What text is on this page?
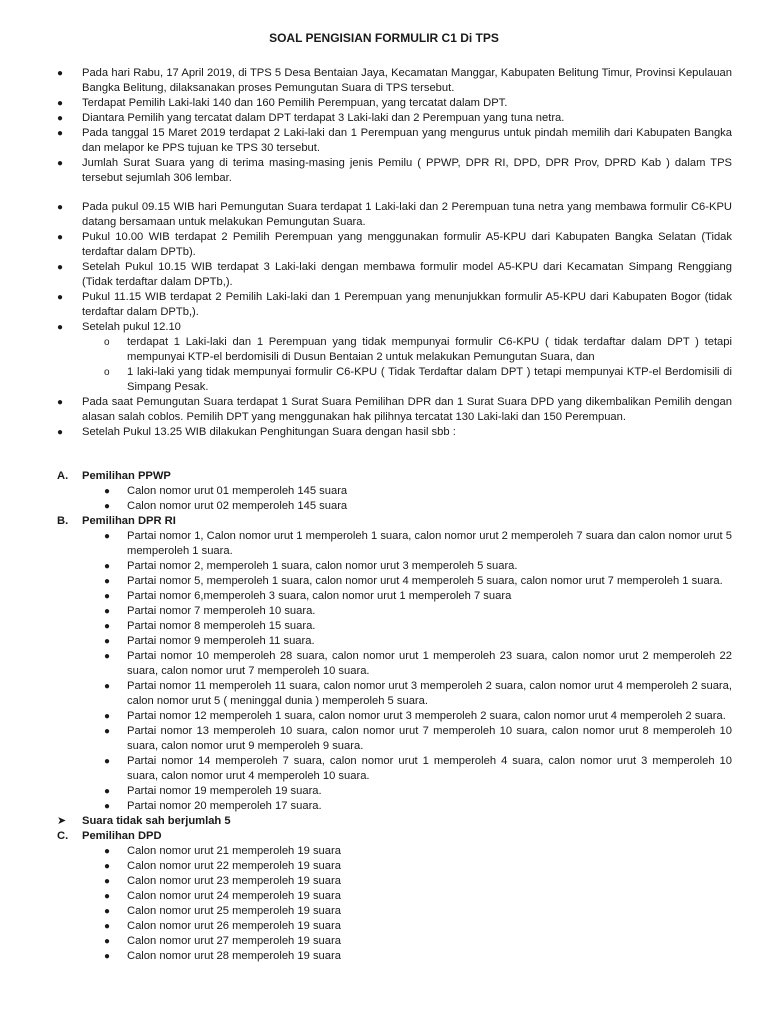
SOAL PENGISIAN FORMULIR C1 Di TPS
● Pada hari Rabu, 17 April 2019, di TPS 5 Desa Bentaian Jaya, Kecamatan Manggar, Kabupaten Belitung Timur, Provinsi Kepulauan Bangka Belitung, dilaksanakan proses Pemungutan Suara di TPS tersebut.
● Terdapat Pemilih Laki-laki 140 dan 160 Pemilih Perempuan, yang tercatat dalam DPT.
● Diantara Pemilih yang tercatat dalam DPT terdapat 3 Laki-laki dan 2 Perempuan yang tuna netra.
● Pada tanggal 15 Maret 2019 terdapat 2 Laki-laki dan 1 Perempuan yang mengurus untuk pindah memilih dari Kabupaten Bangka dan melapor ke PPS tujuan ke TPS 30 tersebut.
● Jumlah Surat Suara yang di terima masing-masing jenis Pemilu ( PPWP, DPR RI, DPD, DPR Prov, DPRD Kab ) dalam TPS tersebut sejumlah 306 lembar.
● Pada pukul 09.15 WIB hari Pemungutan Suara terdapat 1 Laki-laki dan 2 Perempuan tuna netra yang membawa formulir C6-KPU datang bersamaan untuk melakukan Pemungutan Suara.
● Pukul 10.00 WIB terdapat 2 Pemilih Perempuan yang menggunakan formulir A5-KPU dari Kabupaten Bangka Selatan (Tidak terdaftar dalam DPTb).
● Setelah Pukul 10.15 WIB terdapat 3 Laki-laki dengan membawa formulir model A5-KPU dari Kecamatan Simpang Renggiang (Tidak terdaftar dalam DPTb,).
● Pukul 11.15 WIB terdapat 2 Pemilih Laki-laki dan 1 Perempuan yang menunjukkan formulir A5-KPU dari Kabupaten Bogor (tidak terdaftar dalam DPTb,).
● Setelah pukul 12.10
o terdapat 1 Laki-laki dan 1 Perempuan yang tidak mempunyai formulir C6-KPU ( tidak terdaftar dalam DPT ) tetapi mempunyai KTP-el berdomisili di Dusun Bentaian 2 untuk melakukan Pemungutan Suara, dan
o 1 laki-laki yang tidak mempunyai formulir C6-KPU ( Tidak Terdaftar dalam DPT ) tetapi mempunyai KTP-el Berdomisili di Simpang Pesak.
● Pada saat Pemungutan Suara terdapat 1 Surat Suara Pemilihan DPR dan 1 Surat Suara DPD yang dikembalikan Pemilih dengan alasan salah coblos. Pemilih DPT yang menggunakan hak pilihnya tercatat 130 Laki-laki dan 150 Perempuan.
● Setelah Pukul 13.25 WIB dilakukan Penghitungan Suara dengan hasil sbb :
A. Pemilihan PPWP
● Calon nomor urut 01 memperoleh 145 suara
● Calon nomor urut 02 memperoleh 145 suara
B. Pemilihan DPR RI
● Partai nomor 1, Calon nomor urut 1 memperoleh 1 suara, calon nomor urut 2 memperoleh 7 suara dan calon nomor urut 5 memperoleh 1 suara.
● Partai nomor 2, memperoleh 1 suara, calon nomor urut 3 memperoleh 5 suara.
● Partai nomor 5, memperoleh 1 suara, calon nomor urut 4 memperoleh 5 suara, calon nomor urut 7 memperoleh 1 suara.
● Partai nomor 6,memperoleh 3 suara, calon nomor urut 1 memperoleh 7 suara
● Partai nomor 7 memperoleh 10 suara.
● Partai nomor 8 memperoleh 15 suara.
● Partai nomor 9 memperoleh 11 suara.
● Partai nomor 10 memperoleh 28 suara, calon nomor urut 1 memperoleh 23 suara, calon nomor urut 2 memperoleh 22 suara, calon nomor urut 7 memperoleh 10 suara.
● Partai nomor 11 memperoleh 11 suara, calon nomor urut 3 memperoleh 2 suara, calon nomor urut 4 memperoleh 2 suara, calon nomor urut 5 ( meninggal dunia ) memperoleh 5 suara.
● Partai nomor 12 memperoleh 1 suara, calon nomor urut 3 memperoleh 2 suara, calon nomor urut 4 memperoleh 2 suara.
● Partai nomor 13 memperoleh 10 suara, calon nomor urut 7 memperoleh 10 suara, calon nomor urut 8 memperoleh 10 suara, calon nomor urut 9 memperoleh 9 suara.
● Partai nomor 14 memperoleh 7 suara, calon nomor urut 1 memperoleh 4 suara, calon nomor urut 3 memperoleh 10 suara, calon nomor urut 4 memperoleh 10 suara.
● Partai nomor 19 memperoleh 19 suara.
● Partai nomor 20 memperoleh 17 suara.
➤ Suara tidak sah berjumlah 5
C. Pemilihan DPD
● Calon nomor urut 21 memperoleh 19 suara
● Calon nomor urut 22 memperoleh 19 suara
● Calon nomor urut 23 memperoleh 19 suara
● Calon nomor urut 24 memperoleh 19 suara
● Calon nomor urut 25 memperoleh 19 suara
● Calon nomor urut 26 memperoleh 19 suara
● Calon nomor urut 27 memperoleh 19 suara
● Calon nomor urut 28 memperoleh 19 suara
